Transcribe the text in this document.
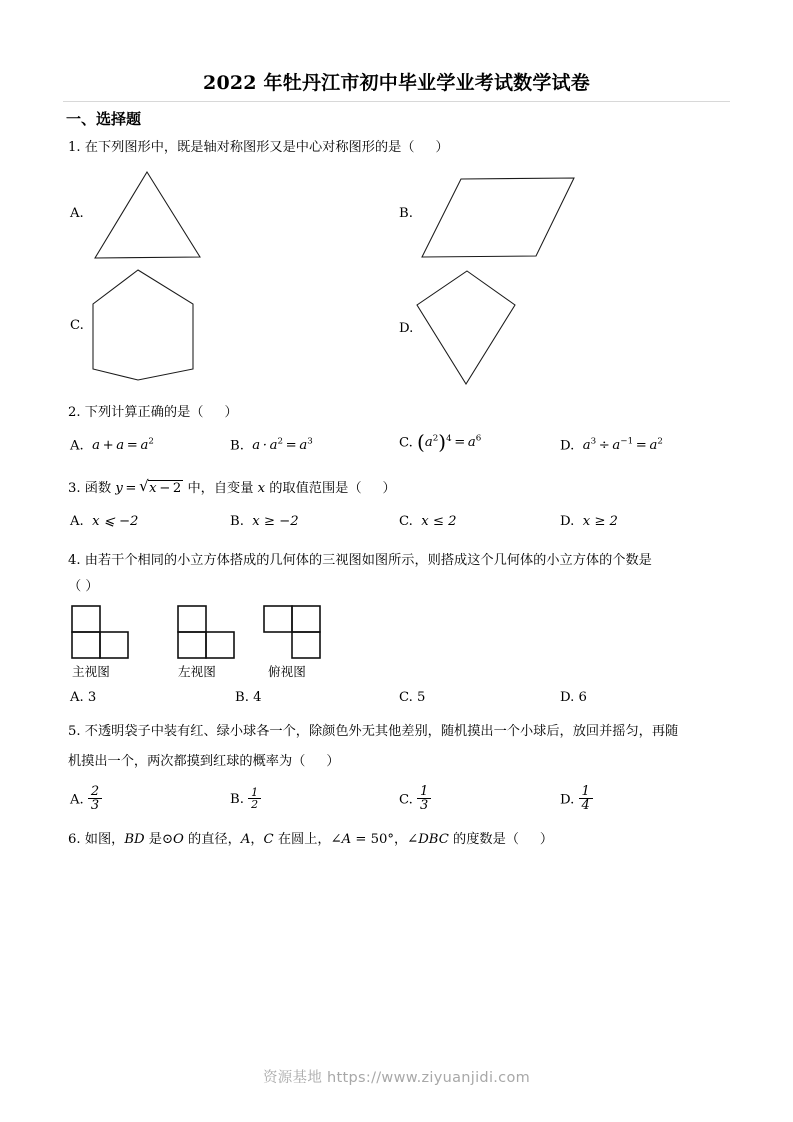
2022 年牡丹江市初中毕业学业考试数学试卷
一、选择题
1. 在下列图形中，既是轴对称图形又是中心对称图形的是（ ）
A.	B.
C.	D.
2. 下列计算正确的是（ ）
A. $a + a = a^2$	B. $a \cdot a^2 = a^3$	C. $(a^2)^4 = a^6$	D. $a^3 \div a^{-1} = a^2$
3. 函数 y =  √ x − 2 中，自变量 x 的取值范围是（ ）
A. x ⩽ −2	B. x ≥ −2	C. x ≤ 2	D. x ≥ 2
4. 由若干个相同的小立方体搭成的几何体的三视图如图所示，则搭成这个几何体的小立方体的个数是
（ ）
主视图	左视图	俯视图
A. 3	B. 4	C. 5	D. 6
5. 不透明袋子中装有红、绿小球各一个，除颜色外无其他差别，随机摸出一个小球后，放回并摇匀，再随
机摸出一个，两次都摸到红球的概率为（ ）
A. $\frac{2}{3}$	B. $\frac{1}{2}$	C. $\frac{1}{3}$	D. $\frac{1}{4}$
6. 如图，BD 是⊙O 的直径，A，C 在圆上，∠A = 50°，∠DBC 的度数是（ ）
资源基地 https://www.ziyuanjidi.com
